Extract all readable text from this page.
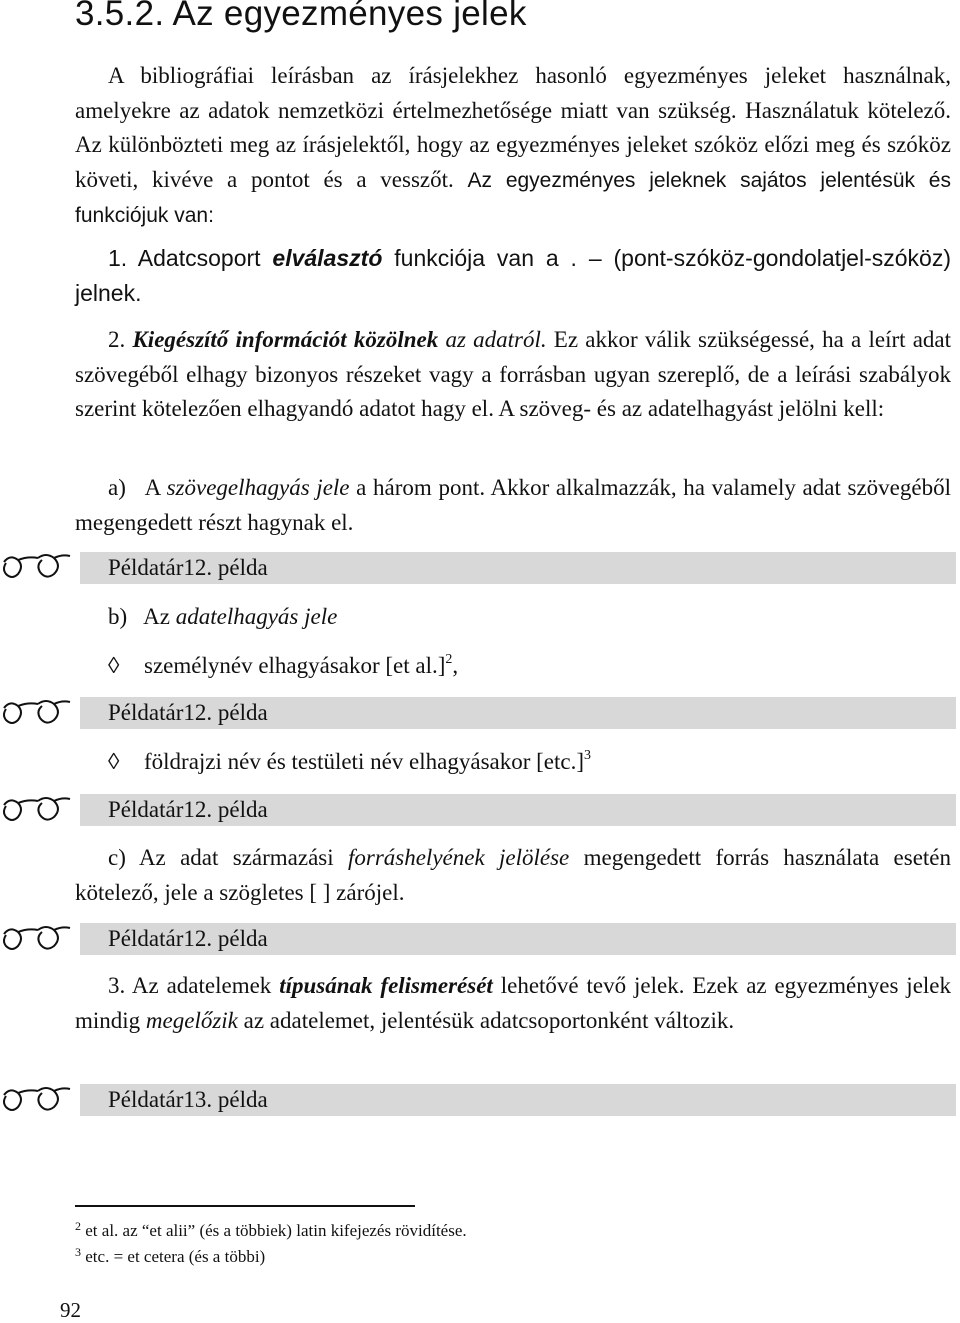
3.5.2. Az egyezményes jelek

A bibliográfiai leírásban az írásjelekhez hasonló egyezményes jeleket használnak, amelyekre az adatok nemzetközi értelmezhetősége miatt van szükség. Használatuk kötelező. Az különbözteti meg az írásjelektől, hogy az egyezményes jeleket szóköz előzi meg és szóköz követi, kivéve a pontot és a vesszőt. Az egyezményes jeleknek sajátos jelentésük és funkciójuk van:

1. Adatcsoport elválasztó funkciója van a . – (pont-szóköz-gondolatjel-szóköz) jelnek.

2. Kiegészítő információt közölnek az adatról. Ez akkor válik szükségessé, ha a leírt adat szövegéből elhagy bizonyos részeket vagy a forrásban ugyan szereplő, de a leírási szabályok szerint kötelezően elhagyandó adatot hagy el. A szöveg- és az adatelhagyást jelölni kell:

a)   A szövegelhagyás jele a három pont. Akkor alkalmazzák, ha valamely adat szövegéből megengedett részt hagynak el.

Példatár12. példa

b)   Az adatelhagyás jele

◊ személynév elhagyásakor [et al.]$^2$,
Példatár12. példa
◊ földrajzi név és testületi név elhagyásakor $[etc.]^3$
Példatár12. példa

c) Az adat származási forráshelyének jelölése megengedett forrás használata esetén kötelező, jele a szögletes [ ] zárójel.

Példatár12. példa

3. Az adatelemek típusának felismerését lehetővé tevő jelek. Ezek az egyezményes jelek mindig megelőzik az adatelemet, jelentésük adatcsoportonként változik.

Példatár13. példa
$^2$ et al. az “et alii” (és a többiek) latin kifejezés rövidítése.
$^3$ etc. = et cetera (és a többi)
92
